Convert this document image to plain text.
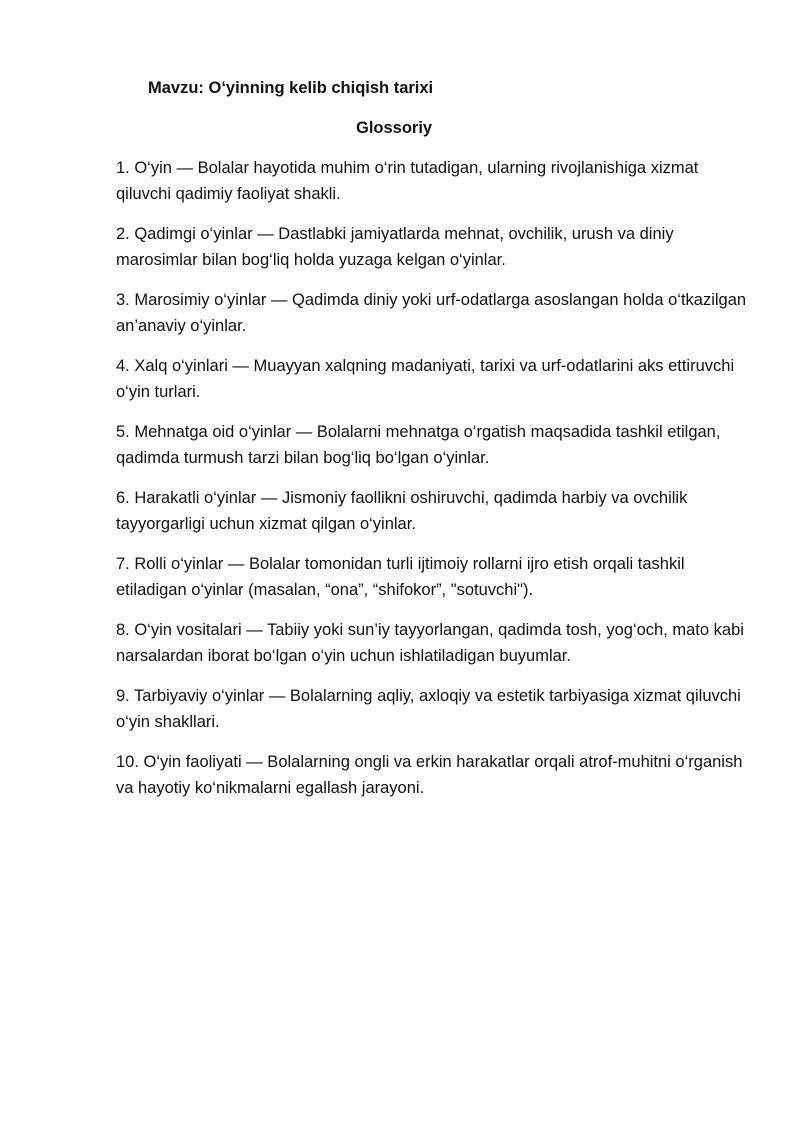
Mavzu: O‘yinning kelib chiqish tarixi
Glossoriy
1. O‘yin — Bolalar hayotida muhim o‘rin tutadigan, ularning rivojlanishiga xizmat qiluvchi qadimiy faoliyat shakli.
2. Qadimgi o‘yinlar — Dastlabki jamiyatlarda mehnat, ovchilik, urush va diniy marosimlar bilan bog‘liq holda yuzaga kelgan o‘yinlar.
3. Marosimiy o‘yinlar — Qadimda diniy yoki urf-odatlarga asoslangan holda o‘tkazilgan an’anaviy o‘yinlar.
4. Xalq o‘yinlari — Muayyan xalqning madaniyati, tarixi va urf-odatlarini aks ettiruvchi o‘yin turlari.
5. Mehnatga oid o‘yinlar — Bolalarni mehnatga o‘rgatish maqsadida tashkil etilgan, qadimda turmush tarzi bilan bog‘liq bo‘lgan o‘yinlar.
6. Harakatli o‘yinlar — Jismoniy faollikni oshiruvchi, qadimda harbiy va ovchilik tayyorgarligi uchun xizmat qilgan o‘yinlar.
7. Rolli o‘yinlar — Bolalar tomonidan turli ijtimoiy rollarni ijro etish orqali tashkil etiladigan o‘yinlar (masalan, “ona”, “shifokor”, "sotuvchi").
8. O‘yin vositalari — Tabiiy yoki sun’iy tayyorlangan, qadimda tosh, yog‘och, mato kabi narsalardan iborat bo‘lgan o‘yin uchun ishlatiladigan buyumlar.
9. Tarbiyaviy o‘yinlar — Bolalarning aqliy, axloqiy va estetik tarbiyasiga xizmat qiluvchi o‘yin shakllari.
10. O‘yin faoliyati — Bolalarning ongli va erkin harakatlar orqali atrof-muhitni o‘rganish va hayotiy ko‘nikmalarni egallash jarayoni.
